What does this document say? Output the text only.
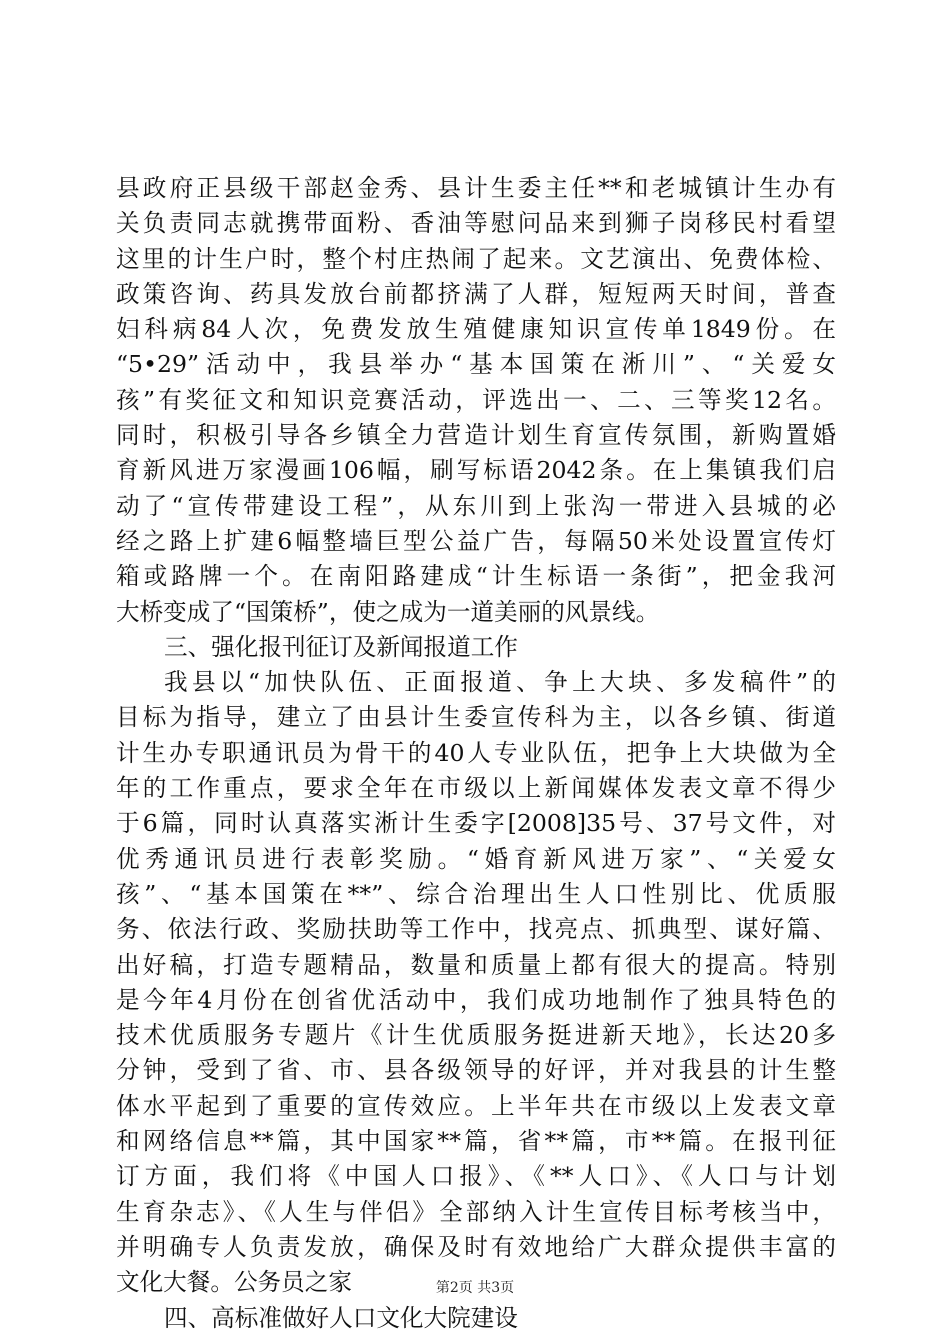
县政府正县级干部赵金秀、县计生委主任**和老城镇计生办有
关负责同志就携带面粉、香油等慰问品来到狮子岗移民村看望
这里的计生户时，整个村庄热闹了起来。文艺演出、免费体检、
政策咨询、药具发放台前都挤满了人群，短短两天时间，普查
妇科病84人次，免费发放生殖健康知识宣传单1849份。在
“5•29”活动中，我县举办“基本国策在淅川”、“关爱女
孩”有奖征文和知识竞赛活动，评选出一、二、三等奖12名。
同时，积极引导各乡镇全力营造计划生育宣传氛围，新购置婚
育新风进万家漫画106幅，刷写标语2042条。在上集镇我们启
动了“宣传带建设工程”，从东川到上张沟一带进入县城的必
经之路上扩建6幅整墙巨型公益广告，每隔50米处设置宣传灯
箱或路牌一个。在南阳路建成“计生标语一条街”，把金我河
大桥变成了“国策桥”，使之成为一道美丽的风景线。
三、强化报刊征订及新闻报道工作
我县以“加快队伍、正面报道、争上大块、多发稿件”的
目标为指导，建立了由县计生委宣传科为主，以各乡镇、街道
计生办专职通讯员为骨干的40人专业队伍，把争上大块做为全
年的工作重点，要求全年在市级以上新闻媒体发表文章不得少
于6篇，同时认真落实淅计生委字[2008]35号、37号文件，对
优秀通讯员进行表彰奖励。“婚育新风进万家”、“关爱女
孩”、“基本国策在**”、综合治理出生人口性别比、优质服
务、依法行政、奖励扶助等工作中，找亮点、抓典型、谋好篇、
出好稿，打造专题精品，数量和质量上都有很大的提高。特别
是今年4月份在创省优活动中，我们成功地制作了独具特色的
技术优质服务专题片《计生优质服务挺进新天地》，长达20多
分钟，受到了省、市、县各级领导的好评，并对我县的计生整
体水平起到了重要的宣传效应。上半年共在市级以上发表文章
和网络信息**篇，其中国家**篇，省**篇，市**篇。在报刊征
订方面，我们将《中国人口报》、《**人口》、《人口与计划
生育杂志》、《人生与伴侣》全部纳入计生宣传目标考核当中，
并明确专人负责发放，确保及时有效地给广大群众提供丰富的
文化大餐。公务员之家
四、高标准做好人口文化大院建设
第2页 共3页
